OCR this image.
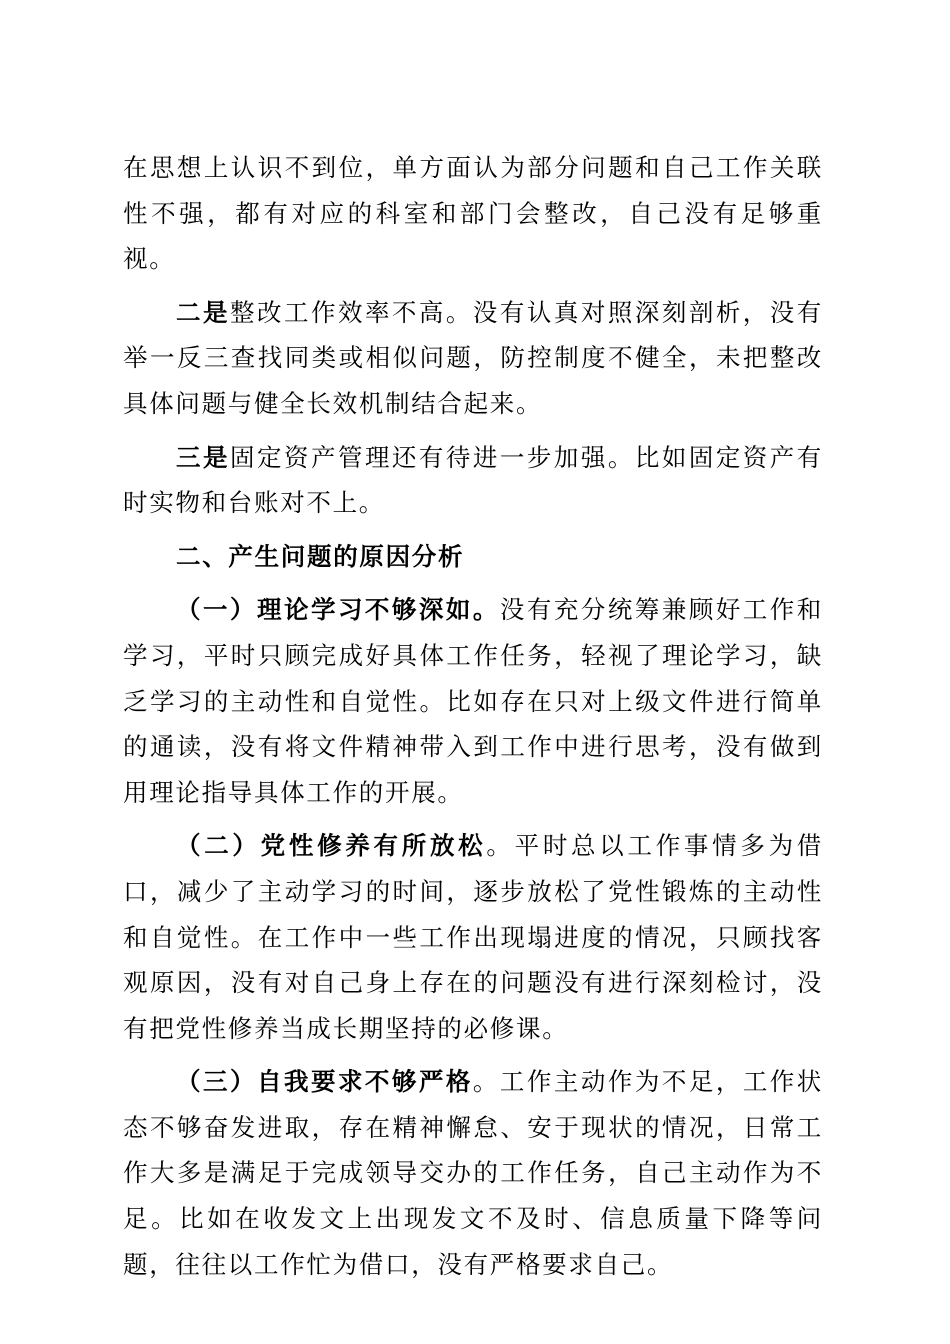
在思想上认识不到位，单方面认为部分问题和自己工作关联性不强，都有对应的科室和部门会整改，自己没有足够重视。

二是整改工作效率不高。没有认真对照深刻剖析，没有举一反三查找同类或相似问题，防控制度不健全，未把整改具体问题与健全长效机制结合起来。

三是固定资产管理还有待进一步加强。比如固定资产有时实物和台账对不上。

二、产生问题的原因分析

（一）理论学习不够深如。没有充分统筹兼顾好工作和学习，平时只顾完成好具体工作任务，轻视了理论学习，缺乏学习的主动性和自觉性。比如存在只对上级文件进行简单的通读，没有将文件精神带入到工作中进行思考，没有做到用理论指导具体工作的开展。

（二）党性修养有所放松。平时总以工作事情多为借口，减少了主动学习的时间，逐步放松了党性锻炼的主动性和自觉性。在工作中一些工作出现塌进度的情况，只顾找客观原因，没有对自己身上存在的问题没有进行深刻检讨，没有把党性修养当成长期坚持的必修课。

（三）自我要求不够严格。工作主动作为不足，工作状态不够奋发进取，存在精神懈怠、安于现状的情况，日常工作大多是满足于完成领导交办的工作任务，自己主动作为不足。比如在收发文上出现发文不及时、信息质量下降等问题，往往以工作忙为借口，没有严格要求自己。
